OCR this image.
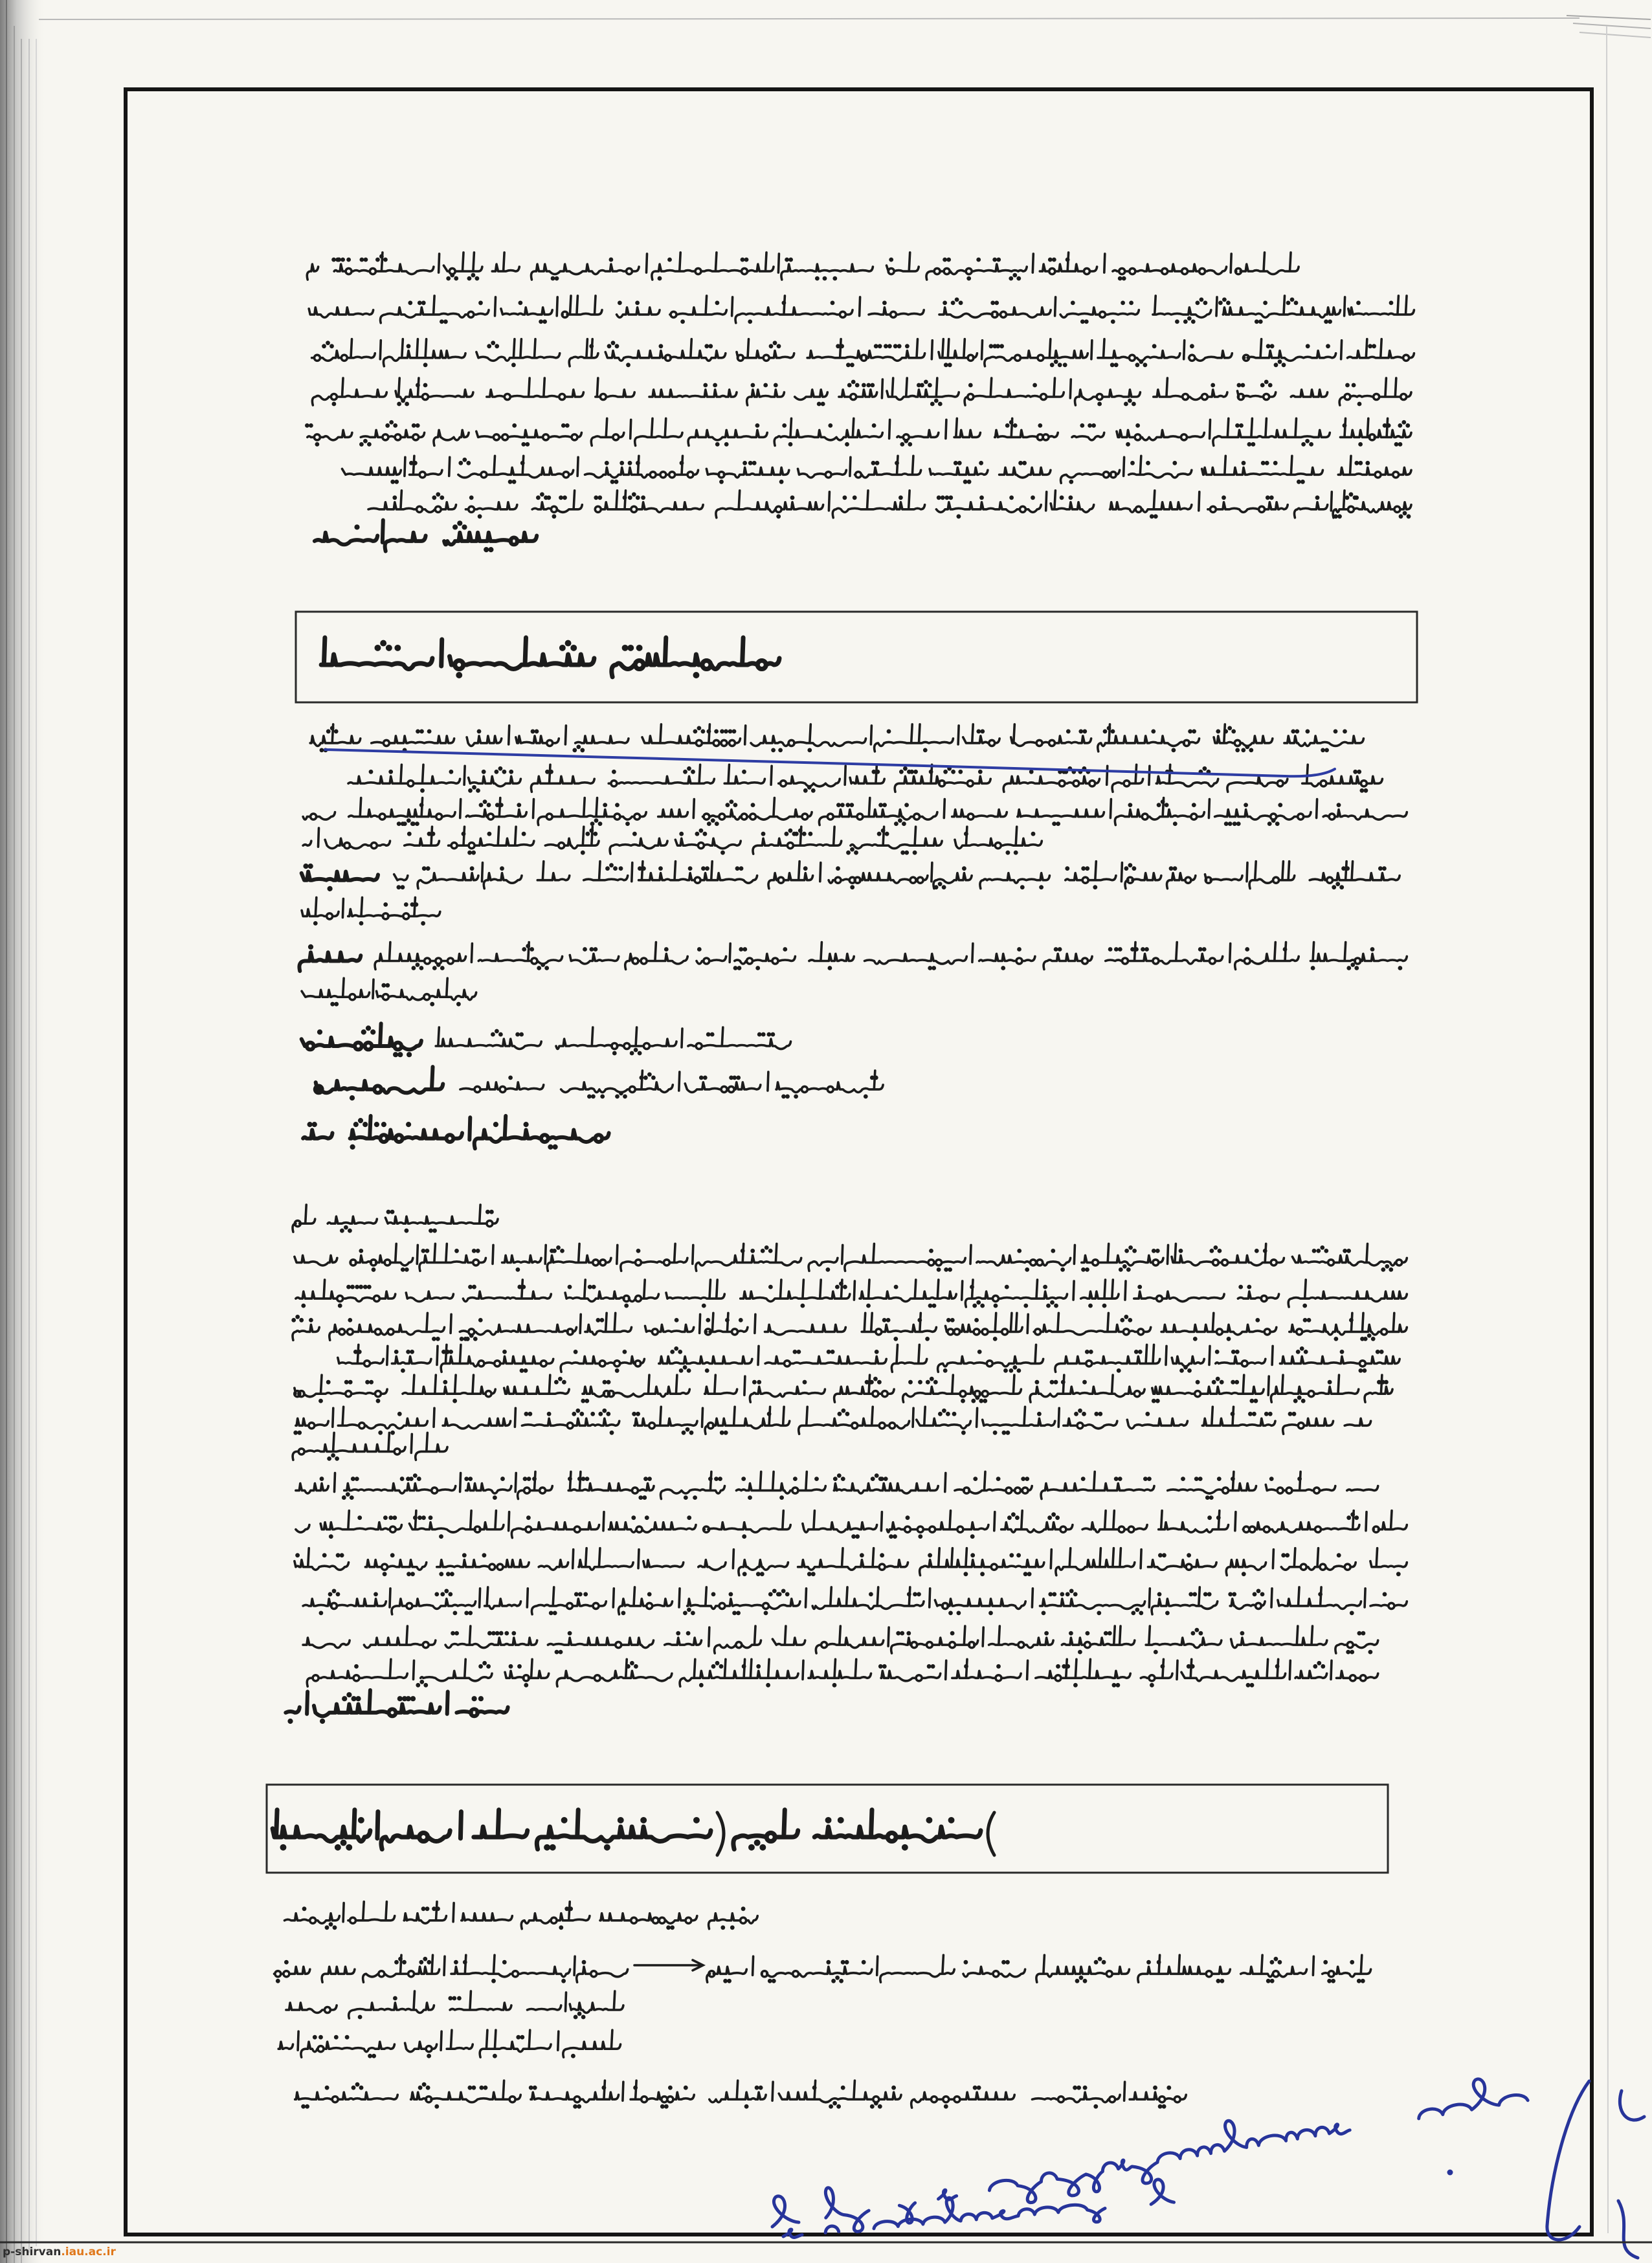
p-shirvan.iau.ac.ir
